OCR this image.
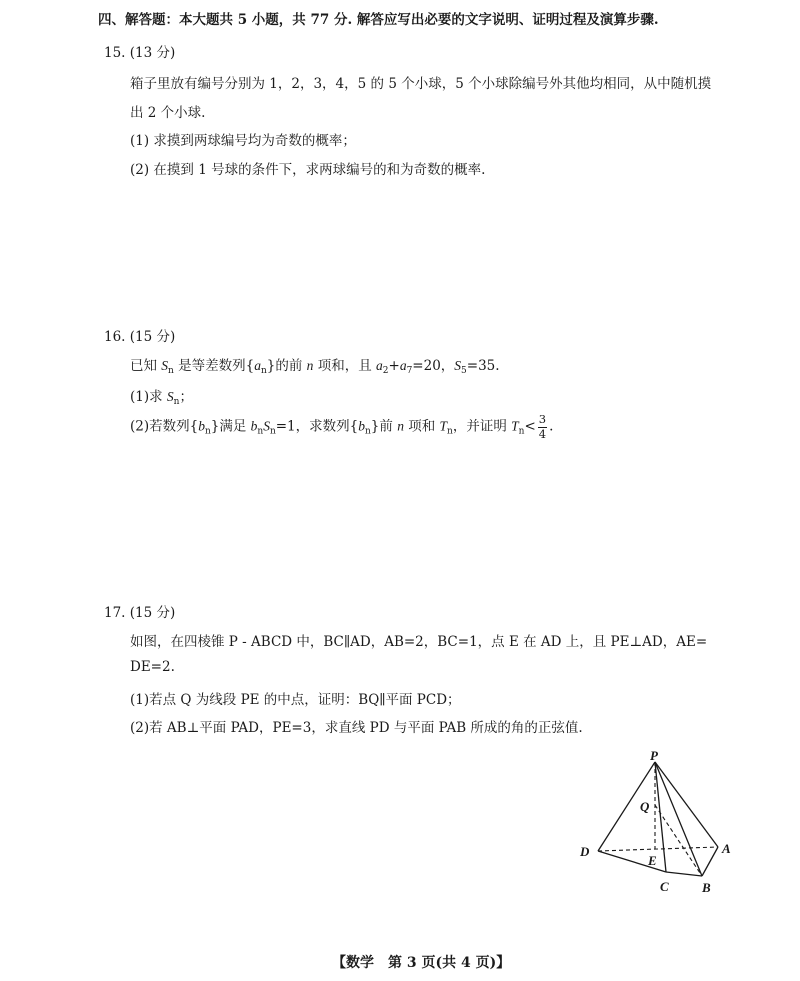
四、解答题：本大题共 5 小题，共 77 分. 解答应写出必要的文字说明、证明过程及演算步骤.
15. (13 分)
箱子里放有编号分别为 1，2，3，4，5 的 5 个小球，5 个小球除编号外其他均相同，从中随机摸
出 2 个小球.
(1) 求摸到两球编号均为奇数的概率；
(2) 在摸到 1 号球的条件下，求两球编号的和为奇数的概率.
16. (15 分)
已知 $S_n$ 是等差数列$\{a_n\}$的前 n 项和，且 $a_2+a_7=20$，$S_5=35$.
(1)求 $S_n$；
(2)若数列$\{b_n\}$满足 $b_nS_n=1$，求数列$\{b_n\}$前 n 项和 $T_n$，并证明 $T_n< \frac{3}{4}$ .
17. (15 分)
如图，在四棱锥 P - ABCD 中，BC∥AD，AB=2，BC=1，点 E 在 AD 上，且 PE⊥AD，AE=
DE=2.
(1)若点 Q 为线段 PE 的中点，证明：BQ∥平面 PCD；
(2)若 AB⊥平面 PAD，PE=3，求直线 PD 与平面 PAB 所成的角的正弦值.
P
Q
D
E
A
C	B
【数学　第 3 页(共 4 页)】
